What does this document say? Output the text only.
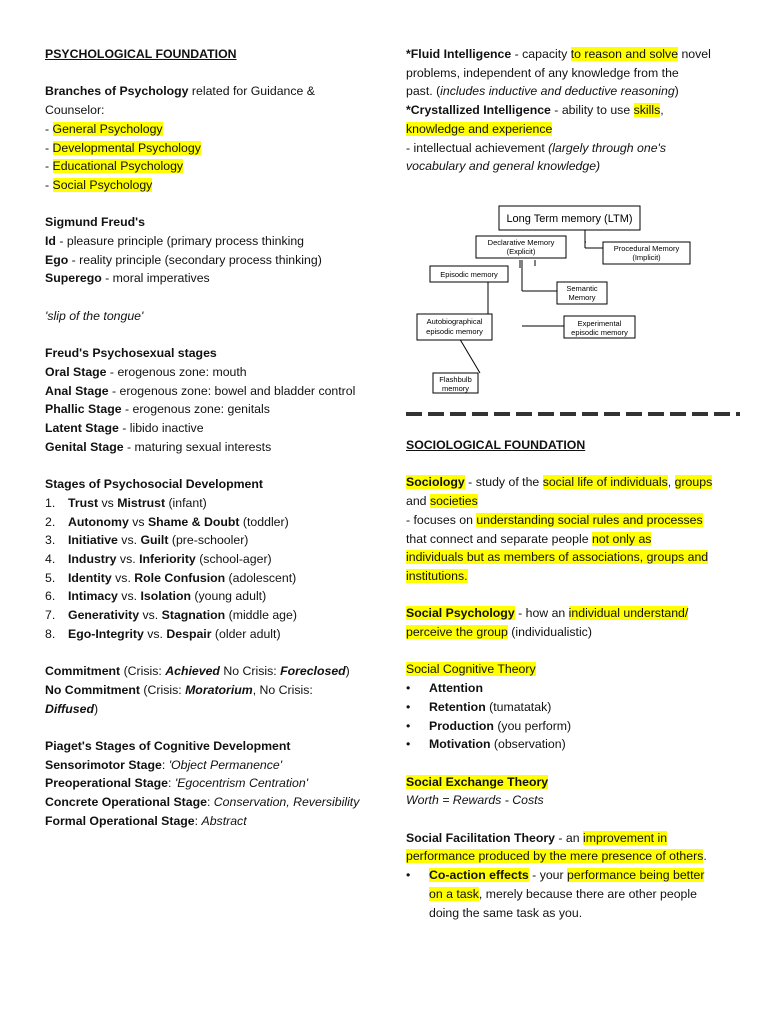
PSYCHOLOGICAL FOUNDATION
Branches of Psychology related for Guidance &
Counselor:
- General Psychology
- Developmental Psychology
- Educational Psychology
- Social Psychology
Sigmund Freud's
Id - pleasure principle (primary process thinking
Ego - reality principle (secondary process thinking)
Superego - moral imperatives
'slip of the tongue'
Freud's Psychosexual stages
Oral Stage - erogenous zone: mouth
Anal Stage - erogenous zone: bowel and bladder control
Phallic Stage - erogenous zone: genitals
Latent Stage - libido inactive
Genital Stage - maturing sexual interests
Stages of Psychosocial Development
1. Trust vs Mistrust (infant)
2. Autonomy vs Shame & Doubt (toddler)
3. Initiative vs. Guilt (pre-schooler)
4. Industry vs. Inferiority (school-ager)
5. Identity vs. Role Confusion (adolescent)
6. Intimacy vs. Isolation (young adult)
7. Generativity vs. Stagnation (middle age)
8. Ego-Integrity vs. Despair (older adult)
Commitment (Crisis: Achieved No Crisis: Foreclosed)
No Commitment (Crisis: Moratorium, No Crisis:
Diffused)
Piaget's Stages of Cognitive Development
Sensorimotor Stage: 'Object Permanence'
Preoperational Stage: 'Egocentrism Centration'
Concrete Operational Stage: Conservation, Reversibility
Formal Operational Stage: Abstract
*Fluid Intelligence - capacity to reason and solve novel
problems, independent of any knowledge from the
past. (includes inductive and deductive reasoning)
*Crystallized Intelligence - ability to use skills,
knowledge and experience
- intellectual achievement (largely through one's
vocabulary and general knowledge)
Long Term memory (LTM)
Declarative Memory
(Explicit)	Procedural Memory
(Implicit)
Episodic memory
Semantic
Memory
Autobiographical
episodic memory
Experimental
episodic memory
Flashbulb
memory
SOCIOLOGICAL FOUNDATION
Sociology - study of the social life of individuals, groups
and societies
- focuses on understanding social rules and processes
that connect and separate people not only as
individuals but as members of associations, groups and
institutions.
Social Psychology - how an individual understand/
perceive the group (individualistic)
Social Cognitive Theory
• Attention
• Retention (tumatatak)
• Production (you perform)
• Motivation (observation)
Social Exchange Theory
Worth = Rewards - Costs
Social Facilitation Theory - an improvement in
performance produced by the mere presence of others.
• Co-action effects - your performance being better
on a task, merely because there are other people
doing the same task as you.
